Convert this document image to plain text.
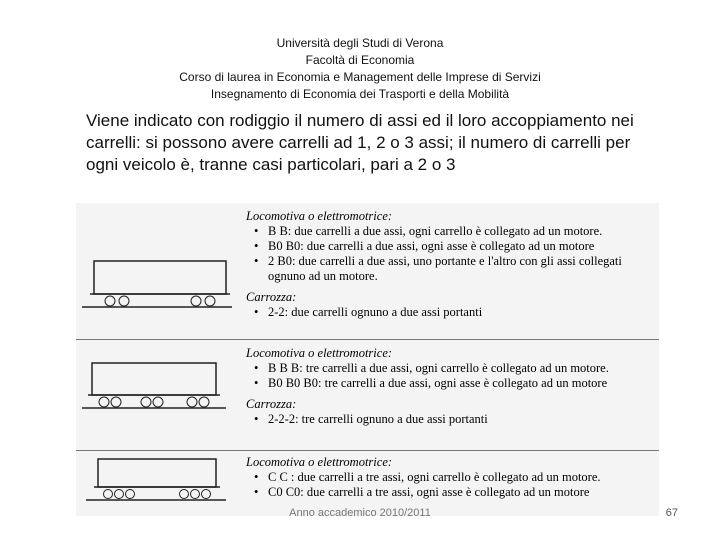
Università degli Studi di Verona
Facoltà di Economia
Corso di laurea in Economia e Management delle Imprese di Servizi
Insegnamento di Economia dei Trasporti e della Mobilità
Viene indicato con rodiggio il numero di assi ed il loro accoppiamento nei carrelli: si possono avere carrelli ad 1, 2 o 3 assi; il numero di carrelli per ogni veicolo è, tranne casi particolari, pari a 2 o 3
Locomotiva o elettromotrice:
• B B: due carrelli a due assi, ogni carrello è collegato ad un motore.
• B0 B0: due carrelli a due assi, ogni asse è collegato ad un motore
• 2 B0: due carrelli a due assi, uno portante e l'altro con gli assi collegati ognuno ad un motore.
Carrozza:
• 2-2: due carrelli ognuno a due assi portanti
Locomotiva o elettromotrice:
• B B B: tre carrelli a due assi, ogni carrello è collegato ad un motore.
• B0 B0 B0: tre carrelli a due assi, ogni asse è collegato ad un motore
Carrozza:
• 2-2-2: tre carrelli ognuno a due assi portanti
Locomotiva o elettromotrice:
• C C : due carrelli a tre assi, ogni carrello è collegato ad un motore.
• C0 C0: due carrelli a tre assi, ogni asse è collegato ad un motore
Anno accademico 2010/2011	67
